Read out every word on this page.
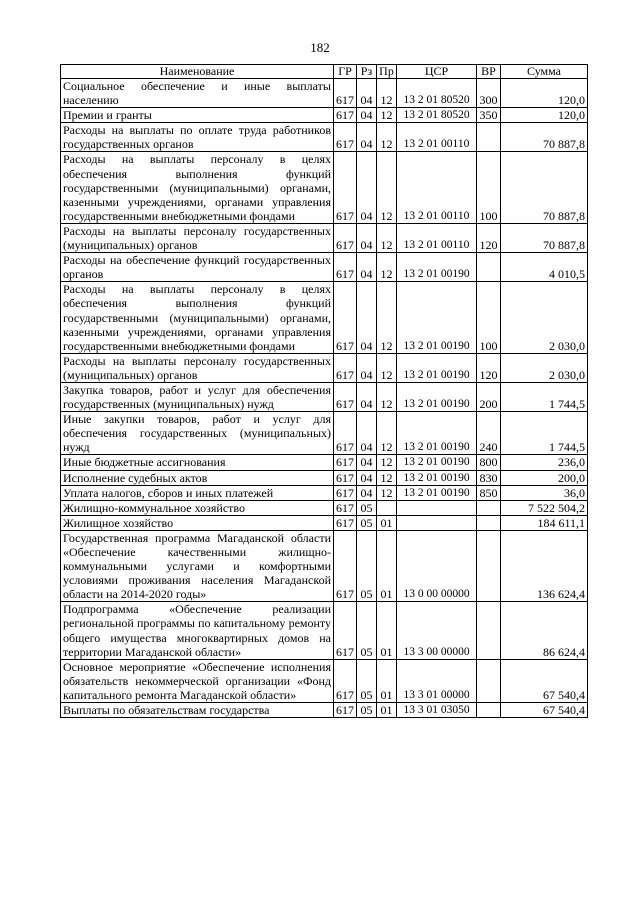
182
Наименование	ГР	Рз	Пр	ЦСР	ВР	Сумма
Социальное обеспечение и иные выплаты населению	617	04	12	13 2 01 80520	300	120,0
Премии и гранты	617	04	12	13 2 01 80520	350	120,0
Расходы на выплаты по оплате труда работников государственных органов	617	04	12	13 2 01 00110		70 887,8
Расходы на выплаты персоналу в целях обеспечения выполнения функций государственными (муниципальными) органами, казенными учреждениями, органами управления государственными внебюджетными фондами	617	04	12	13 2 01 00110	100	70 887,8
Расходы на выплаты персоналу государственных (муниципальных) органов	617	04	12	13 2 01 00110	120	70 887,8
Расходы на обеспечение функций государственных органов	617	04	12	13 2 01 00190		4 010,5
Расходы на выплаты персоналу в целях обеспечения выполнения функций государственными (муниципальными) органами, казенными учреждениями, органами управления государственными внебюджетными фондами	617	04	12	13 2 01 00190	100	2 030,0
Расходы на выплаты персоналу государственных (муниципальных) органов	617	04	12	13 2 01 00190	120	2 030,0
Закупка товаров, работ и услуг для обеспечения государственных (муниципальных) нужд	617	04	12	13 2 01 00190	200	1 744,5
Иные закупки товаров, работ и услуг для обеспечения государственных (муниципальных) нужд	617	04	12	13 2 01 00190	240	1 744,5
Иные бюджетные ассигнования	617	04	12	13 2 01 00190	800	236,0
Исполнение судебных актов	617	04	12	13 2 01 00190	830	200,0
Уплата налогов, сборов и иных платежей	617	04	12	13 2 01 00190	850	36,0
Жилищно-коммунальное хозяйство	617	05				7 522 504,2
Жилищное хозяйство	617	05	01			184 611,1
Государственная программа Магаданской области «Обеспечение качественными жилищно-коммунальными услугами и комфортными условиями проживания населения Магаданской области на 2014-2020 годы»	617	05	01	13 0 00 00000		136 624,4
Подпрограмма «Обеспечение реализации региональной программы по капитальному ремонту общего имущества многоквартирных домов на территории Магаданской области»	617	05	01	13 3 00 00000		86 624,4
Основное мероприятие «Обеспечение исполнения обязательств некоммерческой организации «Фонд капитального ремонта Магаданской области»	617	05	01	13 3 01 00000		67 540,4
Выплаты по обязательствам государства	617	05	01	13 3 01 03050		67 540,4
